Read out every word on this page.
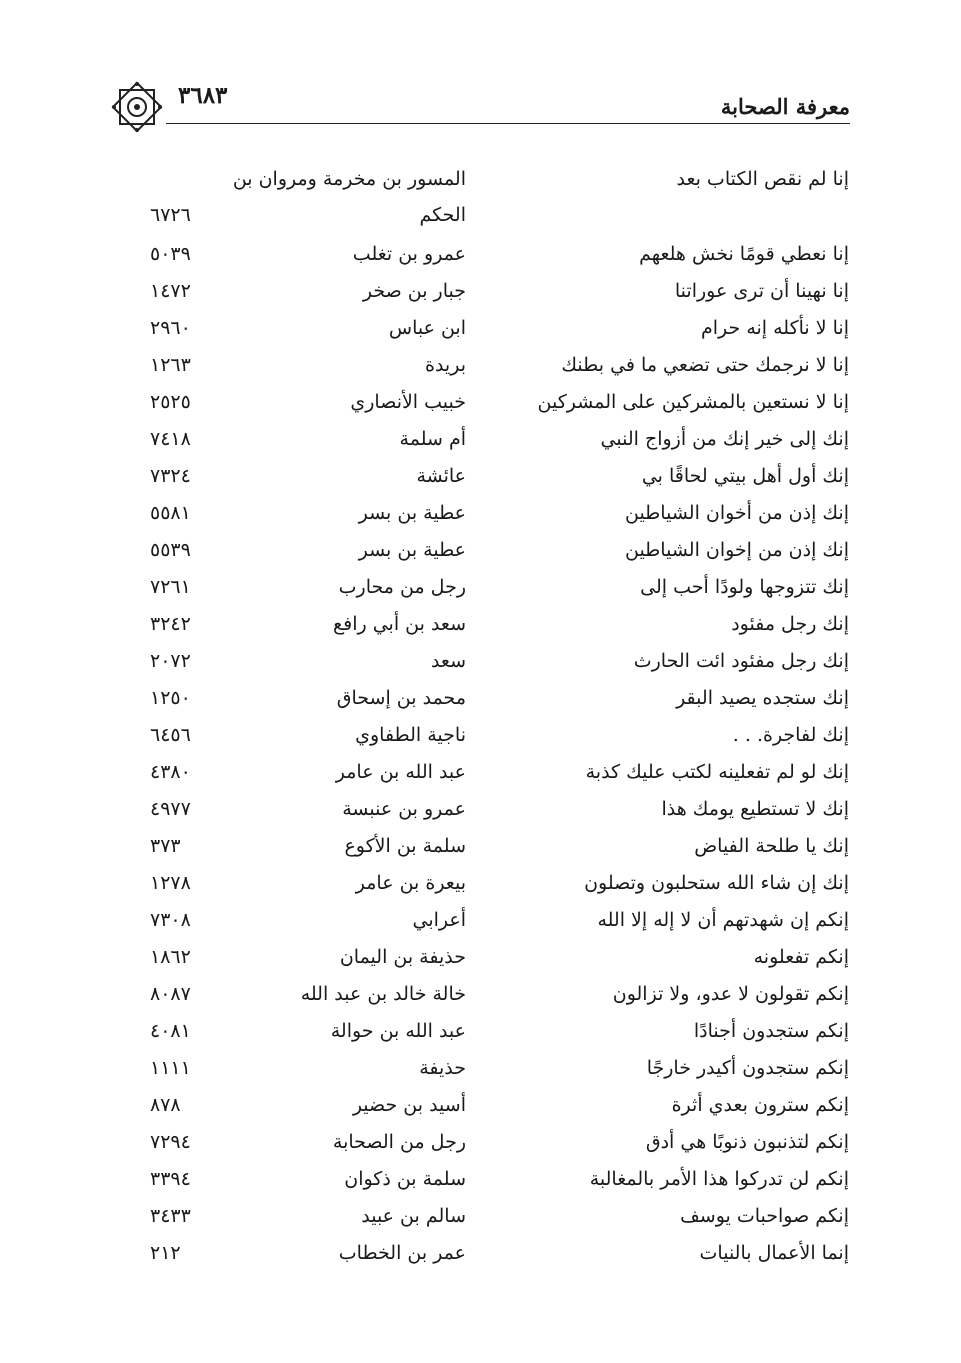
٣٦٨٣	معرفة الصحابة
إنا لم نقص الكتاب بعد
المسور بن مخرمة ومروان بن
الحكم
٦٧٢٦
إنا نعطي قومًا نخش هلعهم
عمرو بن تغلب
٥٠٣٩
إنا نهينا أن ترى عوراتنا
جبار بن صخر
١٤٧٢
إنا لا نأكله إنه حرام
ابن عباس
٢٩٦٠
إنا لا نرجمك حتى تضعي ما في بطنك
بريدة
١٢٦٣
إنا لا نستعين بالمشركين على المشركين
خبيب الأنصاري
٢٥٢٥
إنك إلى خير إنك من أزواج النبي
أم سلمة
٧٤١٨
إنك أول أهل بيتي لحاقًا بي
عائشة
٧٣٢٤
إنك إذن من أخوان الشياطين
عطية بن بسر
٥٥٨١
إنك إذن من إخوان الشياطين
عطية بن بسر
٥٥٣٩
إنك تتزوجها ولودًا أحب إلى
رجل من محارب
٧٢٦١
إنك رجل مفئود
سعد بن أبي رافع
٣٢٤٢
إنك رجل مفئود ائت الحارث
سعد
٢٠٧٢
إنك ستجده يصيد البقر
محمد بن إسحاق
١٢٥٠
إنك لفاجرة. . .
ناجية الطفاوي
٦٤٥٦
إنك لو لم تفعلينه لكتب عليك كذبة
عبد الله بن عامر
٤٣٨٠
إنك لا تستطيع يومك هذا
عمرو بن عنبسة
٤٩٧٧
إنك يا طلحة الفياض
سلمة بن الأكوع
٣٧٣
إنك إن شاء الله ستحلبون وتصلون
بيعرة بن عامر
١٢٧٨
إنكم إن شهدتهم أن لا إله إلا الله
أعرابي
٧٣٠٨
إنكم تفعلونه
حذيفة بن اليمان
١٨٦٢
إنكم تقولون لا عدو، ولا تزالون
خالة خالد بن عبد الله
٨٠٨٧
إنكم ستجدون أجنادًا
عبد الله بن حوالة
٤٠٨١
إنكم ستجدون أكيدر خارجًا
حذيفة
١١١١
إنكم سترون بعدي أثرة
أسيد بن حضير
٨٧٨
إنكم لتذنبون ذنوبًا هي أدق
رجل من الصحابة
٧٢٩٤
إنكم لن تدركوا هذا الأمر بالمغالبة
سلمة بن ذكوان
٣٣٩٤
إنكم صواحبات يوسف
سالم بن عبيد
٣٤٣٣
إنما الأعمال بالنيات
عمر بن الخطاب
٢١٢
